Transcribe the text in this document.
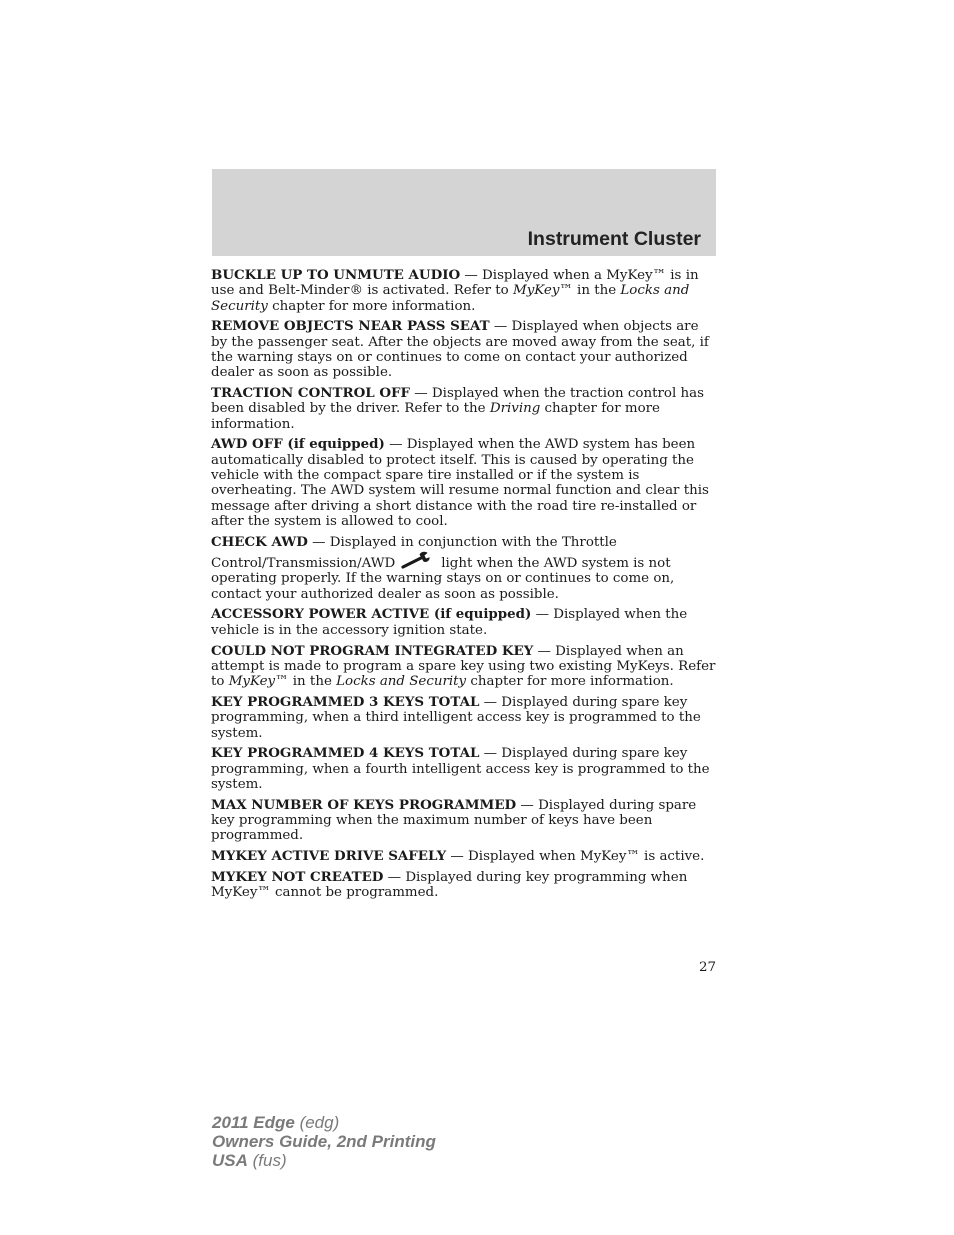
Instrument Cluster

BUCKLE UP TO UNMUTE AUDIO — Displayed when a MyKey™ is in use and Belt-Minder® is activated. Refer to MyKey™ in the Locks and Security chapter for more information.

REMOVE OBJECTS NEAR PASS SEAT — Displayed when objects are by the passenger seat. After the objects are moved away from the seat, if the warning stays on or continues to come on contact your authorized dealer as soon as possible.

TRACTION CONTROL OFF — Displayed when the traction control has been disabled by the driver. Refer to the Driving chapter for more information.

AWD OFF (if equipped) — Displayed when the AWD system has been automatically disabled to protect itself. This is caused by operating the vehicle with the compact spare tire installed or if the system is overheating. The AWD system will resume normal function and clear this message after driving a short distance with the road tire re-installed or after the system is allowed to cool.

CHECK AWD — Displayed in conjunction with the Throttle Control/Transmission/AWD	light when the AWD system is not operating properly. If the warning stays on or continues to come on, contact your authorized dealer as soon as possible.

ACCESSORY POWER ACTIVE (if equipped) — Displayed when the vehicle is in the accessory ignition state.

COULD NOT PROGRAM INTEGRATED KEY — Displayed when an attempt is made to program a spare key using two existing MyKeys. Refer to MyKey™ in the Locks and Security chapter for more information.

KEY PROGRAMMED 3 KEYS TOTAL — Displayed during spare key programming, when a third intelligent access key is programmed to the system.

KEY PROGRAMMED 4 KEYS TOTAL — Displayed during spare key programming, when a fourth intelligent access key is programmed to the system.

MAX NUMBER OF KEYS PROGRAMMED — Displayed during spare key programming when the maximum number of keys have been programmed.

MYKEY ACTIVE DRIVE SAFELY — Displayed when MyKey™ is active.

MYKEY NOT CREATED — Displayed during key programming when MyKey™ cannot be programmed.

27
2011 Edge (edg)
Owners Guide, 2nd Printing
USA (fus)
